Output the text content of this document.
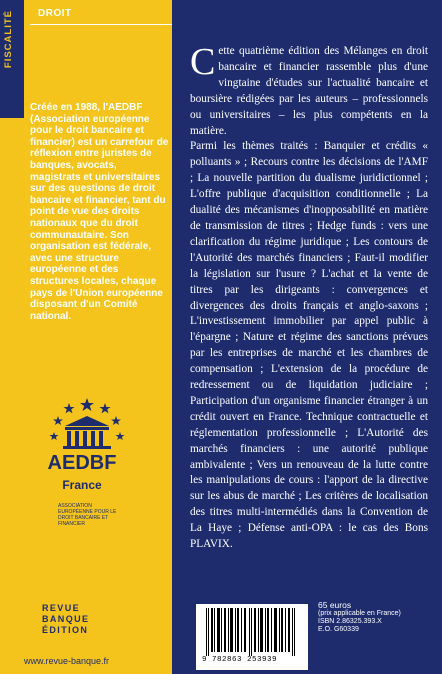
FISCALITÉ DROIT
Créée en 1988, l'AEDBF (Association européenne pour le droit bancaire et financier) est un carrefour de réflexion entre juristes de banques, avocats, magistrats et universitaires sur des questions de droit bancaire et financier, tant du point de vue des droits nationaux que du droit communautaire. Son organisation est fédérale, avec une structure européenne et des structures locales, chaque pays de l'Union européenne disposant d'un Comité national.
AEDBF
France
ASSOCIATION EUROPÉENNE POUR LE DROIT BANCAIRE ET FINANCIER
REVUE
BANQUE
ÉDITION
www.revue-banque.fr

Cette quatrième édition des Mélanges en droit bancaire et financier rassemble plus d'une vingtaine d'études sur l'actualité bancaire et boursière rédigées par les auteurs – professionnels ou universitaires – les plus compétents en la matière.

Parmi les thèmes traités : Banquier et crédits « polluants » ; Recours contre les décisions de l'AMF ; La nouvelle partition du dualisme juridictionnel ; L'offre publique d'acquisition conditionnelle ; La dualité des mécanismes d'inopposabilité en matière de transmission de titres ; Hedge funds : vers une clarification du régime juridique ; Les contours de l'Autorité des marchés financiers ; Faut-il modifier la législation sur l'usure ? L'achat et la vente de titres par les dirigeants : convergences et divergences des droits français et anglo-saxons ; L'investissement immobilier par appel public à l'épargne ; Nature et régime des sanctions prévues par les entreprises de marché et les chambres de compensation ; L'extension de la procédure de redressement ou de liquidation judiciaire ; Participation d'un organisme financier étranger à un crédit ouvert en France. Technique contractuelle et réglementation professionnelle ; L'Autorité des marchés financiers : une autorité publique ambivalente ; Vers un renouveau de la lutte contre les manipulations de cours : l'apport de la directive sur les abus de marché ; Les critères de localisation des titres multi-intermédiés dans la Convention de La Haye ; Défense anti-OPA : le cas des Bons PLAVIX.

9 782863 253939
65 euros
(prix applicable en France)
ISBN 2.86325.393.X
E.O. G60339
